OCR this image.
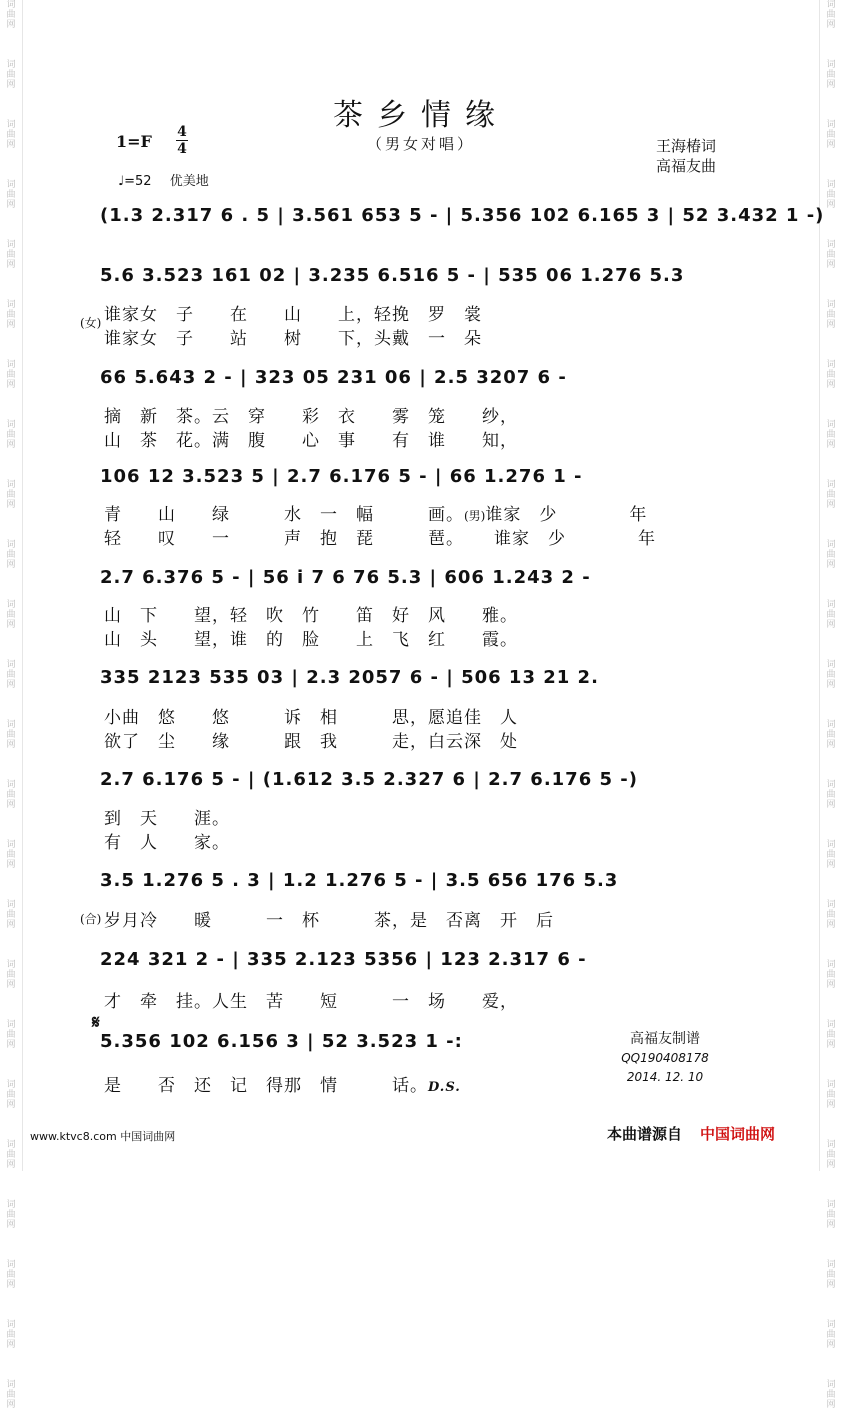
词
曲
网
词
曲
网
词
曲
网
词
曲
网
词
曲
网
词
曲
网
词
曲
网
词
曲
网
词
曲
网
词
曲
网
词
曲
网
词
曲
网
词
曲
网
词
曲
网
词
曲
网
词
曲
网
词
曲
网
词
曲
网
词
曲
网
词
曲
网
词
曲
网
词
曲
网
词
曲
网
词
曲
网
词
曲
网
词
曲
网
词
曲
网
词
曲
网
词
曲
网
词
曲
网
词
曲
网
词
曲
网
词
曲
网
词
曲
网
词
曲
网
词
曲
网
词
曲
网
词
曲
网
词
曲
网
词
曲
网
词
曲
网
词
曲
网
词
曲
网
词
曲
网
词
曲
网
词
曲
网
词
曲
网
词
曲
网
茶乡情缘
（男女对唱）
1=F 4
4
♩=52 优美地
王海椿词
高福友曲
(1.3 2.317 6 . 5 | 3.561 653 5 - | 5.356 102 6.165 3 | 52 3.432 1 -)
5.6 3.523 161 02 | 3.235 6.516 5 - | 535 06 1.276 5.3
(女) 谁家女　子　　在　　山　　上，轻挽　罗　裳
谁家女　子　　站　　树　　下，头戴　一　朵
66 5.643 2 - | 323 05 231 06 | 2.5 3207 6 -
摘　新　茶。云　穿　　彩　衣　　雾　笼　　纱，
山　茶　花。满　腹　　心　事　　有　谁　　知，
106 12 3.523 5 | 2.7 6.176 5 - | 66 1.276 1 -
青　　山　　绿　　　水　一　幅　　　画。(男)谁家　少　　　　年
轻　　叹　　一　　　声　抱　琵　　　琶。 谁家　少　　　　年
2.7 6.376 5 - | 56 i 7 6 76 5.3 | 606 1.243 2 -
山　下　　望，轻　吹　竹　　笛　好　风　　雅。
山　头　　望，谁　的　脸　　上　飞　红　　霞。
335 2123 535 03 | 2.3 2057 6 - | 506 13 21 2.
小曲　悠　　悠　　　诉　相　　　思，愿追佳　人
欲了　尘　　缘　　　跟　我　　　走，白云深　处
2.7 6.176 5 - | (1.612 3.5 2.327 6 | 2.7 6.176 5 -)
到　天　　涯。
有　人　　家。
3.5 1.276 5 . 3 | 1.2 1.276 5 - | 3.5 656 176 5.3
(合) 岁月冷　　暖　　　一　杯　　　茶，是　否离　开　后
224 321 2 - | 335 2.123 5356 | 123 2.317 6 -
才　牵　挂。人生　苦　　短　　　一　场　　爱，
𝄋
5.356 102 6.156 3 | 52 3.523 1 -:
是　　否　还　记　得那　情　　　话。D.S.
高福友制谱
QQ190408178
2014. 12. 10
www.ktvc8.com 中国词曲网	本曲谱源自 中国词曲网
